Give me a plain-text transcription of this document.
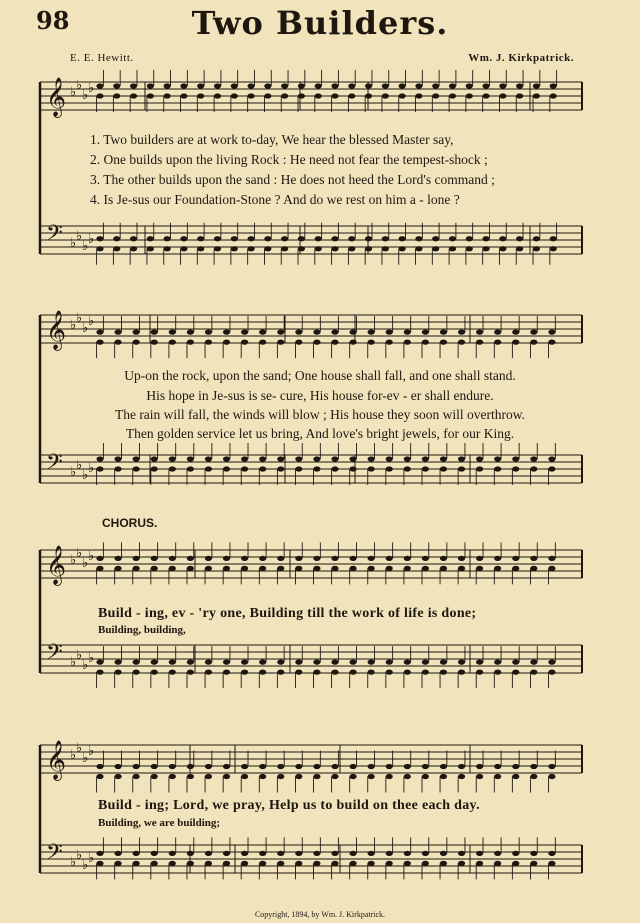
98	Two Builders.
E. E. Hewitt.	Wm. J. Kirkpatrick.
𝄞 ♭ ♭
♭ ♭
𝄢 ♭ ♭
♭ ♭
𝄞 ♭ ♭
♭ ♭
𝄢 ♭ ♭
♭ ♭
𝄞 ♭ ♭
♭ ♭
𝄢 ♭ ♭
♭ ♭
𝄞 ♭ ♭
♭ ♭
𝄢 ♭ ♭
♭ ♭
1. Two builders are at work to-day, We hear the blessed Master say,
2. One builds upon the living Rock : He need not fear the tempest-shock ;
3. The other builds upon the sand : He does not heed the Lord's command ;
4. Is Je-sus our Foundation-Stone ? And do we rest on him a - lone ?
Up-on the rock, upon the sand; One house shall fall, and one shall stand.
His hope in Je-sus is se- cure, His house for-ev - er shall endure.
The rain will fall, the winds will blow ; His house they soon will overthrow.
Then golden service let us bring, And love's bright jewels, for our King.
CHORUS.
Build - ing, ev - 'ry one, Building till the work of life is done;
Building, building,
Build - ing; Lord, we pray, Help us to build on thee each day.
Building, we are building;
Copyright, 1894, by Wm. J. Kirkpatrick.
